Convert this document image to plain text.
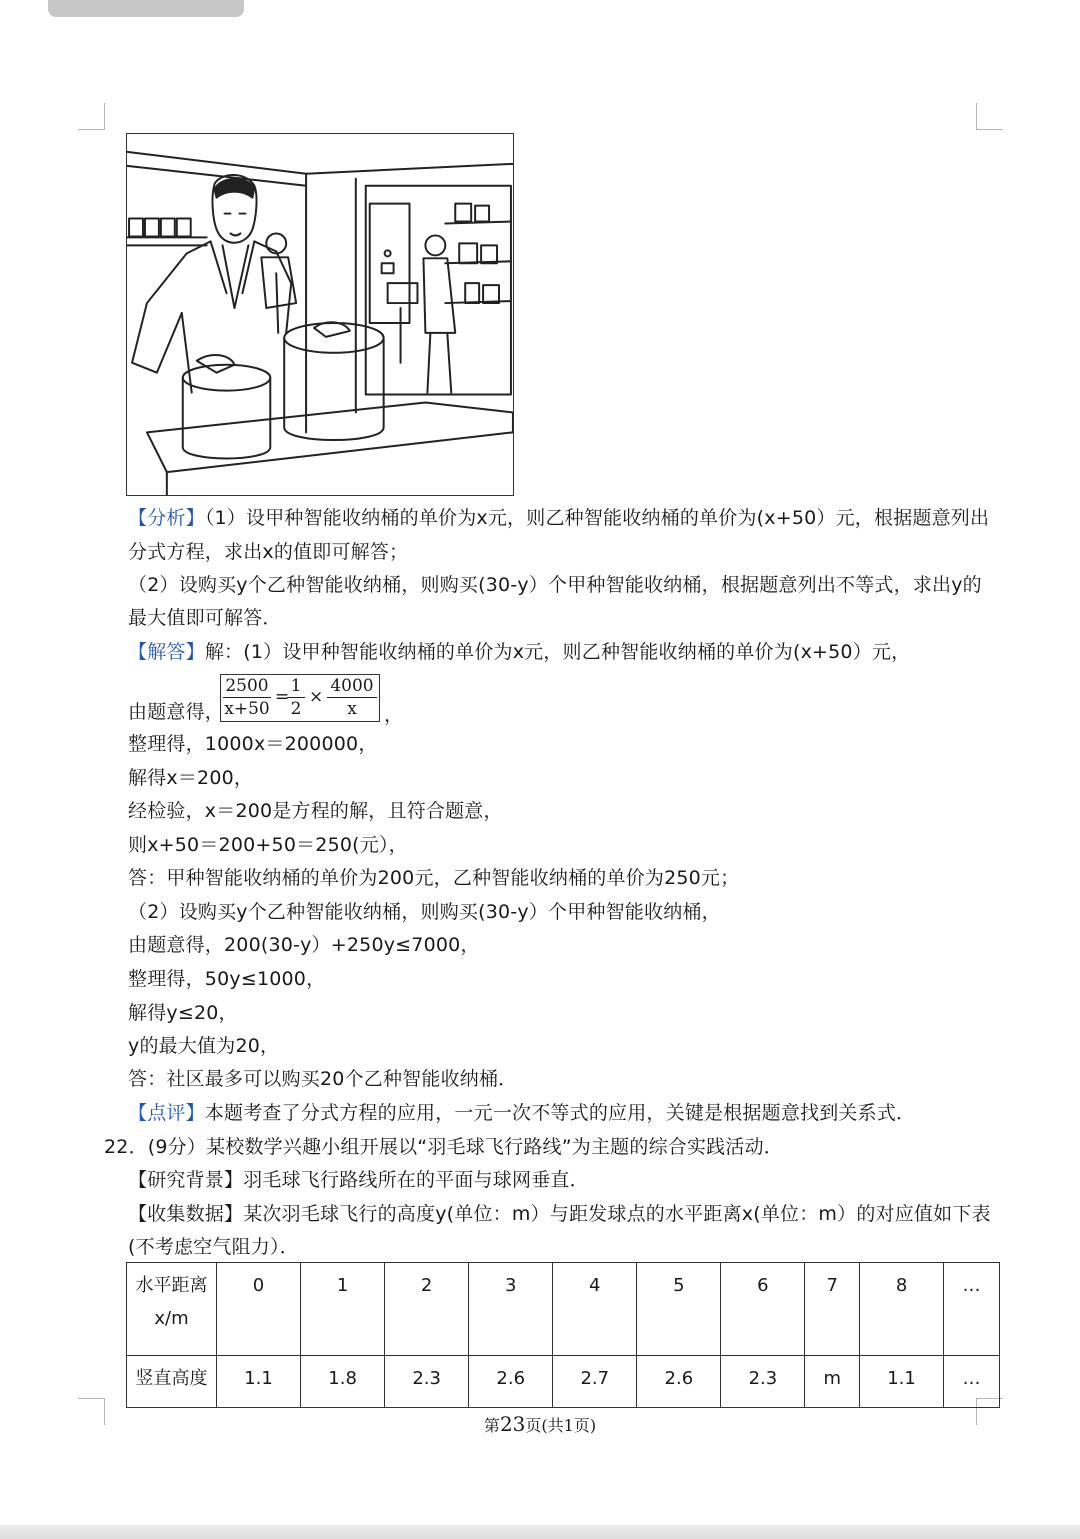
【分析】（1）设甲种智能收纳桶的单价为x元，则乙种智能收纳桶的单价为(x+50）元，根据题意列出
分式方程，求出x的值即可解答；
（2）设购买y个乙种智能收纳桶，则购买(30-y）个甲种智能收纳桶，根据题意列出不等式，求出y的
最大值即可解答．
【解答】解：(1）设甲种智能收纳桶的单价为x元，则乙种智能收纳桶的单价为(x+50）元，
由题意得，
2500
x+50
=
1
2
×
4000
x	，
整理得，1000x＝200000，
解得x＝200，
经检验，x＝200是方程的解，且符合题意，
则x+50＝200+50＝250(元），
答：甲种智能收纳桶的单价为200元，乙种智能收纳桶的单价为250元；
（2）设购买y个乙种智能收纳桶，则购买(30-y）个甲种智能收纳桶，
由题意得，200(30-y）+250y≤7000，
整理得，50y≤1000，
解得y≤20，
y的最大值为20，
答：社区最多可以购买20个乙种智能收纳桶．
【点评】本题考查了分式方程的应用，一元一次不等式的应用，关键是根据题意找到关系式．
22．(9分）某校数学兴趣小组开展以“羽毛球飞行路线”为主题的综合实践活动．
【研究背景】羽毛球飞行路线所在的平面与球网垂直．
【收集数据】某次羽毛球飞行的高度y(单位：m）与距发球点的水平距离x(单位：m）的对应值如下表
(不考虑空气阻力）．
水平距离
x/m	0	1	2	3	4	5	6	7	8	…
竖直高度	1.1	1.8	2.3	2.6	2.7	2.6	2.3	m	1.1	…
第23页(共1页)
